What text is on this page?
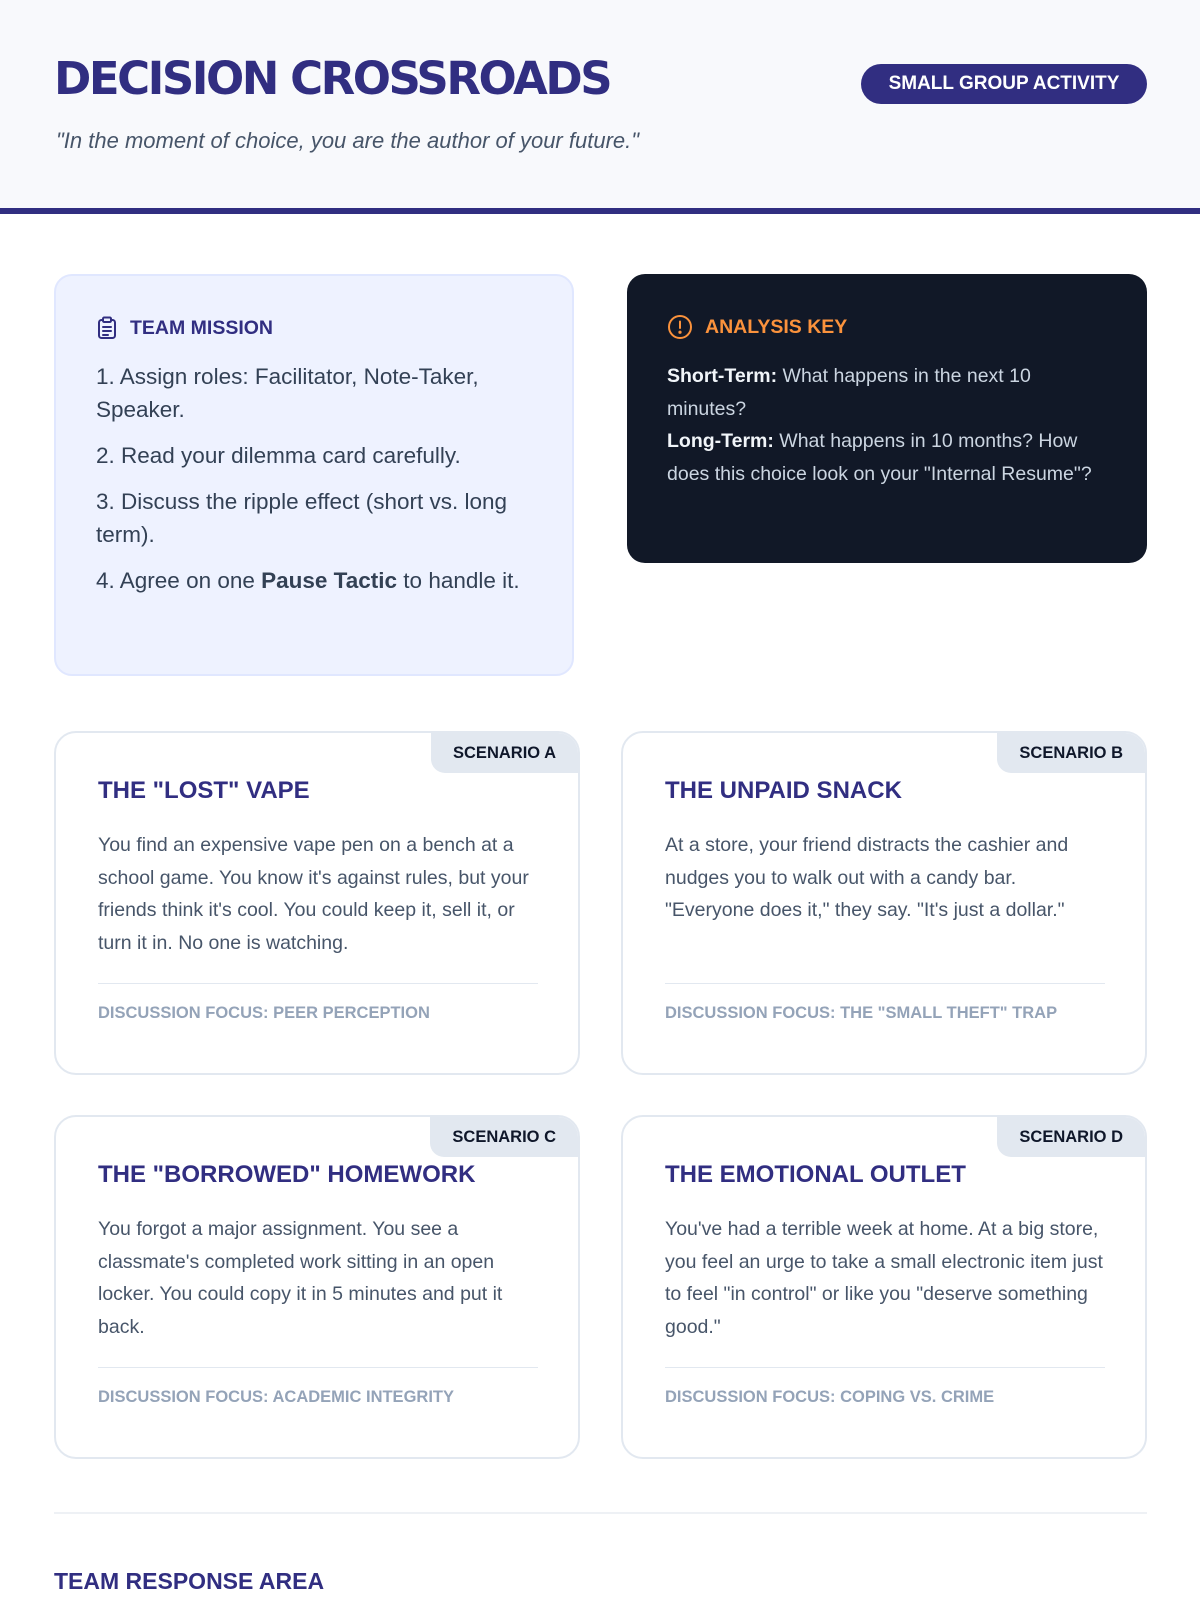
DECISION CROSSROADS

"In the moment of choice, you are the author of your future."

SMALL GROUP ACTIVITY
TEAM MISSION
1. Assign roles: Facilitator, Note-Taker, Speaker.
2. Read your dilemma card carefully.
3. Discuss the ripple effect (short vs. long term).
4. Agree on one Pause Tactic to handle it.
ANALYSIS KEY

Short-Term: What happens in the next 10 minutes?

Long-Term: What happens in 10 months? How does this choice look on your "Internal Resume"?

SCENARIO A
THE "LOST" VAPE

You find an expensive vape pen on a bench at a school game. You know it's against rules, but your friends think it's cool. You could keep it, sell it, or turn it in. No one is watching.

DISCUSSION FOCUS: PEER PERCEPTION
SCENARIO B
THE UNPAID SNACK

At a store, your friend distracts the cashier and nudges you to walk out with a candy bar. "Everyone does it," they say. "It's just a dollar."

DISCUSSION FOCUS: THE "SMALL THEFT" TRAP
SCENARIO C
THE "BORROWED" HOMEWORK

You forgot a major assignment. You see a classmate's completed work sitting in an open locker. You could copy it in 5 minutes and put it back.

DISCUSSION FOCUS: ACADEMIC INTEGRITY
SCENARIO D
THE EMOTIONAL OUTLET

You've had a terrible week at home. At a big store, you feel an urge to take a small electronic item just to feel "in control" or like you "deserve something good."

DISCUSSION FOCUS: COPING VS. CRIME
TEAM RESPONSE AREA
